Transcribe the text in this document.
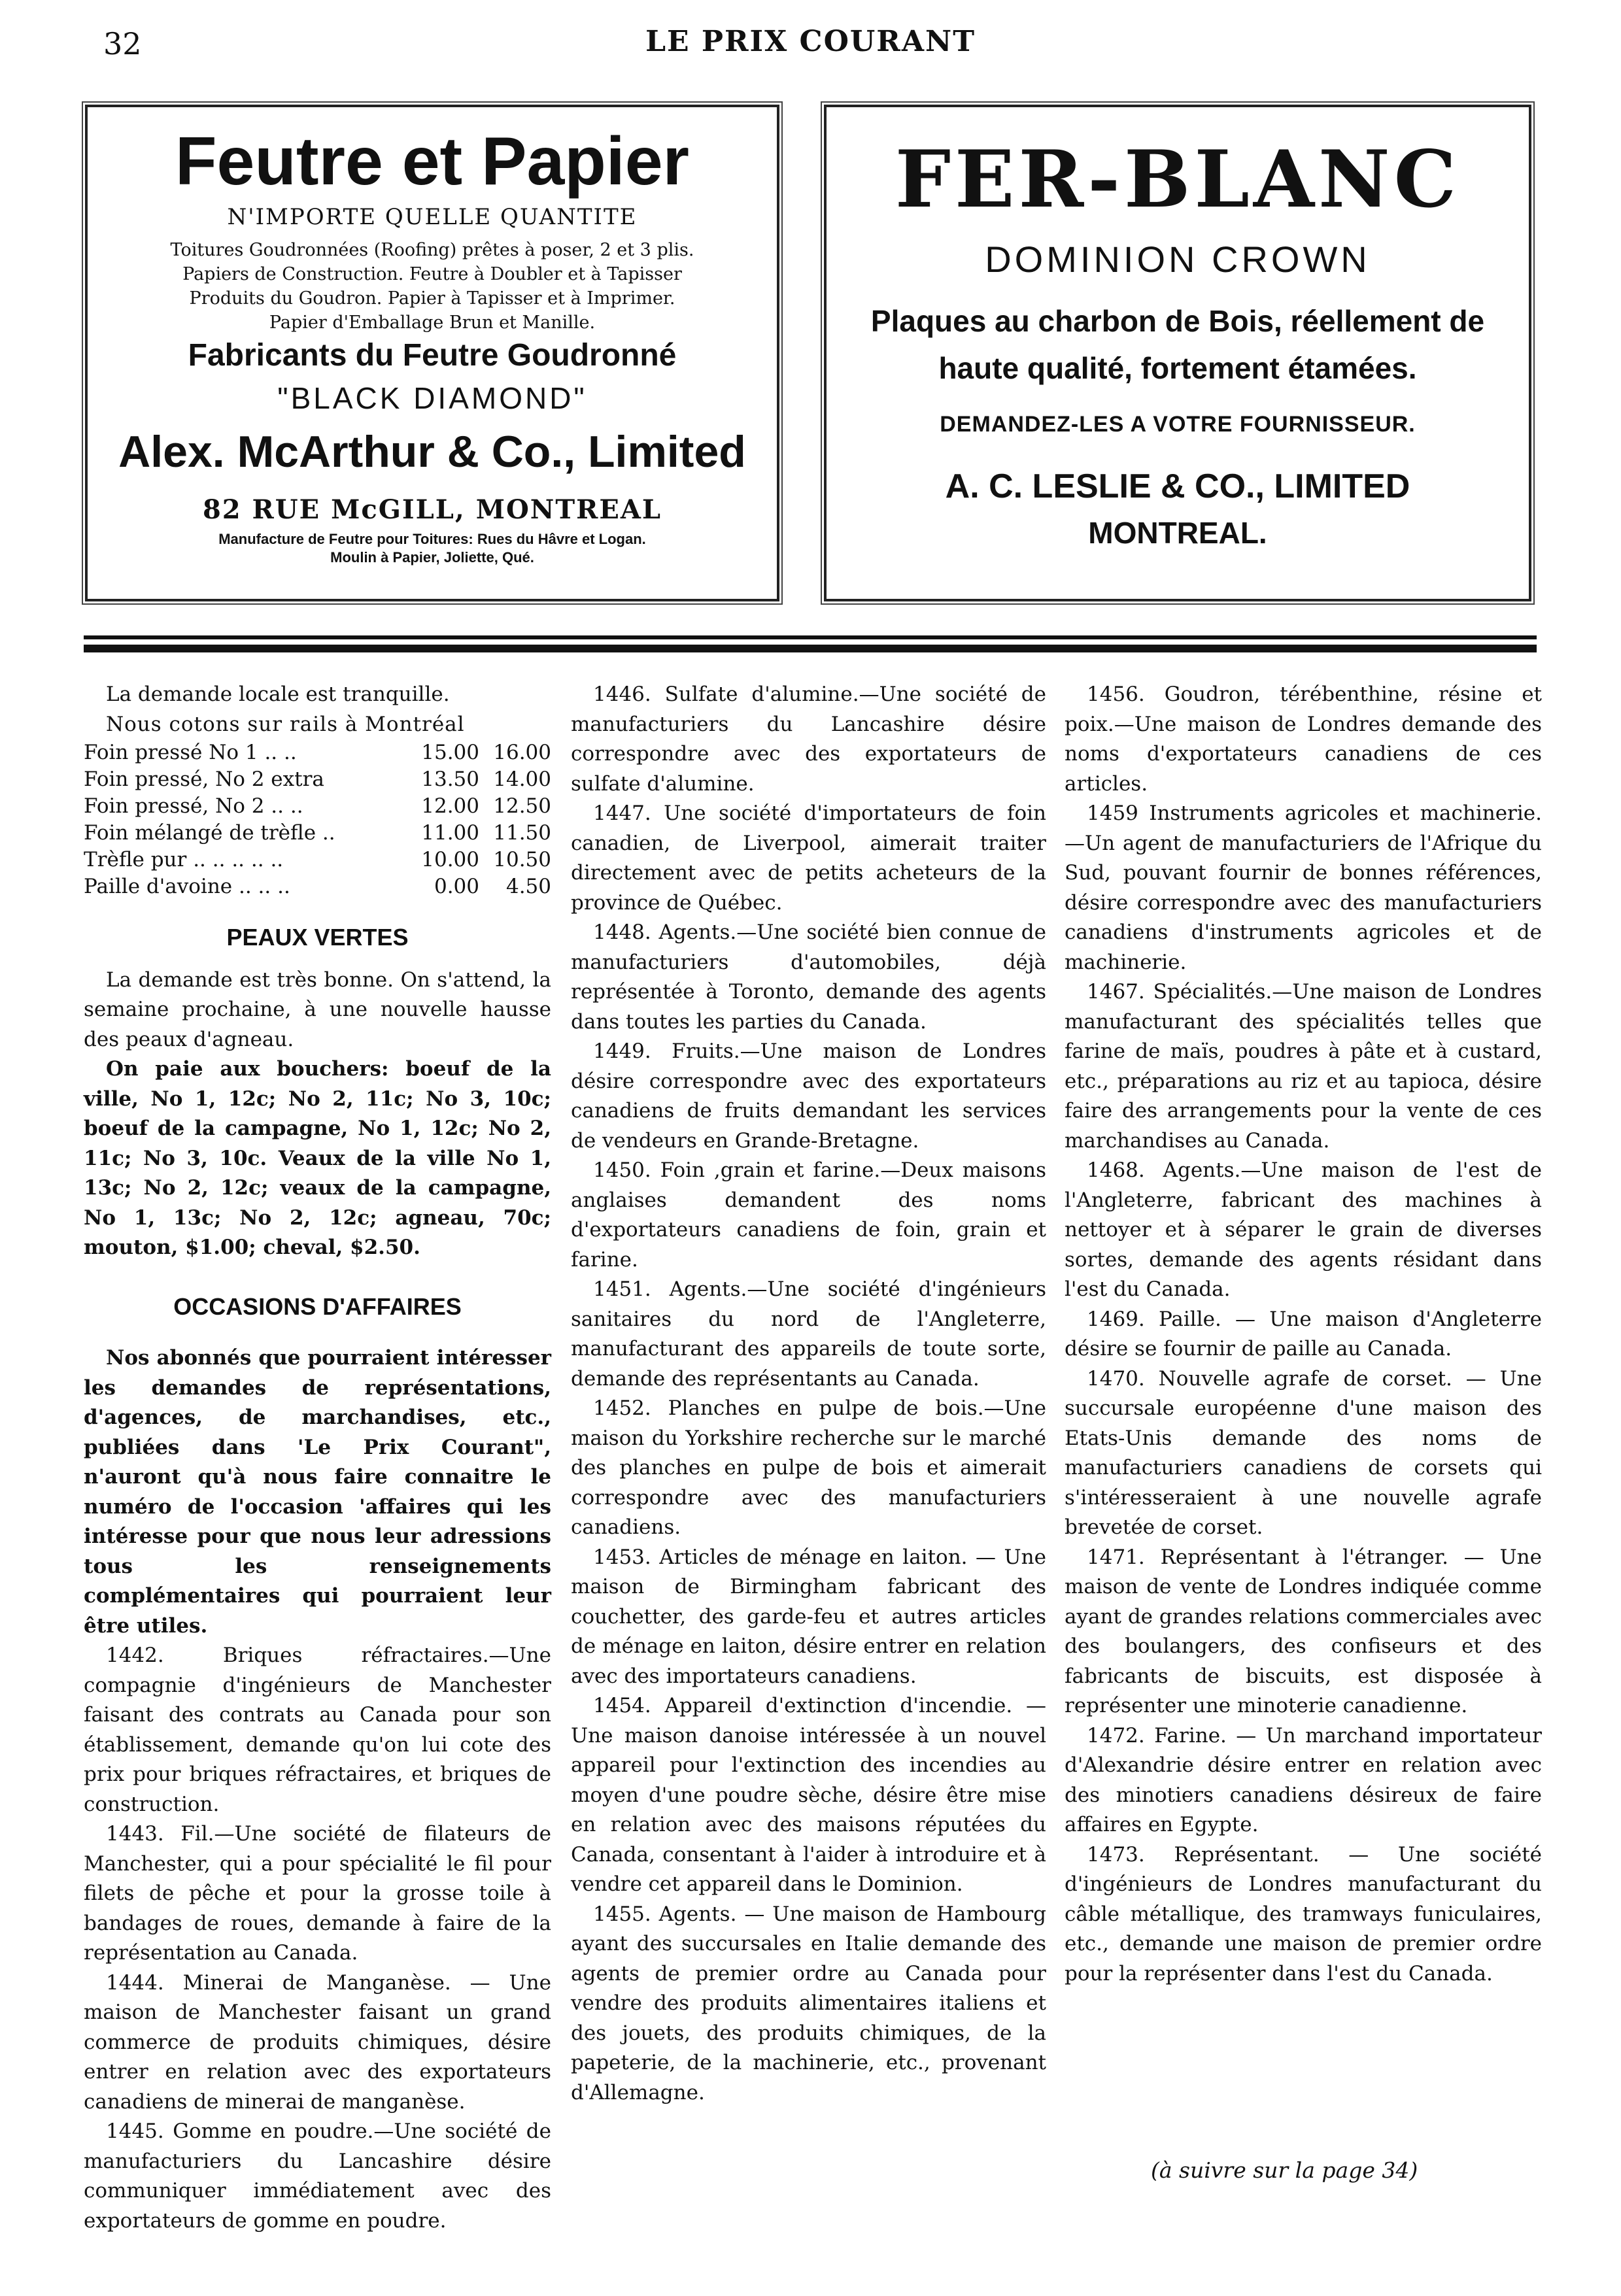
32	LE PRIX COURANT
Feutre et Papier
N'IMPORTE QUELLE QUANTITE
Toitures Goudronnées (Roofing) prêtes à poser, 2 et 3 plis.
Papiers de Construction. Feutre à Doubler et à Tapisser
Produits du Goudron. Papier à Tapisser et à Imprimer.
Papier d'Emballage Brun et Manille.
Fabricants du Feutre Goudronné
"BLACK DIAMOND"
Alex. McArthur & Co., Limited
82 RUE McGILL, MONTREAL
Manufacture de Feutre pour Toitures: Rues du Hâvre et Logan.
Moulin à Papier, Joliette, Qué.
FER-BLANC
DOMINION CROWN
Plaques au charbon de Bois, réellement de
haute qualité, fortement étamées.
DEMANDEZ-LES A VOTRE FOURNISSEUR.
A. C. LESLIE & CO., LIMITED
MONTREAL.

La demande locale est tranquille.

Nous cotons sur rails à Montréal

Foin pressé No 1 .. ..	15.00 16.00
Foin pressé, No 2 extra	13.50 14.00
Foin pressé, No 2 .. ..	12.00 12.50
Foin mélangé de trèfle ..	11.00 11.50
Trèfle pur .. .. .. .. ..	10.00 10.50
Paille d'avoine .. .. ..	0.00	4.50
PEAUX VERTES

La demande est très bonne. On s'attend, la semaine prochaine, à une nouvelle hausse des peaux d'agneau.

On paie aux bouchers: boeuf de la ville, No 1, 12c; No 2, 11c; No 3, 10c; boeuf de la campagne, No 1, 12c; No 2, 11c; No 3, 10c. Veaux de la ville No 1, 13c; No 2, 12c; veaux de la campagne, No 1, 13c; No 2, 12c; agneau, 70c; mouton, $1.00; cheval, $2.50.

OCCASIONS D'AFFAIRES

Nos abonnés que pourraient intéresser les demandes de représentations, d'agences, de marchandises, etc., publiées dans 'Le Prix Courant", n'auront qu'à nous faire connaitre le numéro de l'occasion 'affaires qui les intéresse pour que nous leur adressions tous les renseignements complémentaires qui pourraient leur être utiles.

1442. Briques réfractaires.—Une compagnie d'ingénieurs de Manchester faisant des contrats au Canada pour son établissement, demande qu'on lui cote des prix pour briques réfractaires, et briques de construction.

1443. Fil.—Une société de filateurs de Manchester, qui a pour spécialité le fil pour filets de pêche et pour la grosse toile à bandages de roues, demande à faire de la représentation au Canada.

1444. Minerai de Manganèse. — Une maison de Manchester faisant un grand commerce de produits chimiques, désire entrer en relation avec des exportateurs canadiens de minerai de manganèse.

1445. Gomme en poudre.—Une société de manufacturiers du Lancashire désire communiquer immédiatement avec des exportateurs de gomme en poudre.

1446. Sulfate d'alumine.—Une société de manufacturiers du Lancashire désire correspondre avec des exportateurs de sulfate d'alumine.

1447. Une société d'importateurs de foin canadien, de Liverpool, aimerait traiter directement avec de petits acheteurs de la province de Québec.

1448. Agents.—Une société bien connue de manufacturiers d'automobiles, déjà représentée à Toronto, demande des agents dans toutes les parties du Canada.

1449. Fruits.—Une maison de Londres désire correspondre avec des exportateurs canadiens de fruits demandant les services de vendeurs en Grande-Bretagne.

1450. Foin ,grain et farine.—Deux maisons anglaises demandent des noms d'exportateurs canadiens de foin, grain et farine.

1451. Agents.—Une société d'ingénieurs sanitaires du nord de l'Angleterre, manufacturant des appareils de toute sorte, demande des représentants au Canada.

1452. Planches en pulpe de bois.—Une maison du Yorkshire recherche sur le marché des planches en pulpe de bois et aimerait correspondre avec des manufacturiers canadiens.

1453. Articles de ménage en laiton. — Une maison de Birmingham fabricant des couchetter, des garde-feu et autres articles de ménage en laiton, désire entrer en relation avec des importateurs canadiens.

1454. Appareil d'extinction d'incendie. —Une maison danoise intéressée à un nouvel appareil pour l'extinction des incendies au moyen d'une poudre sèche, désire être mise en relation avec des maisons réputées du Canada, consentant à l'aider à introduire et à vendre cet appareil dans le Dominion.

1455. Agents. — Une maison de Hambourg ayant des succursales en Italie demande des agents de premier ordre au Canada pour vendre des produits alimentaires italiens et des jouets, des produits chimiques, de la papeterie, de la machinerie, etc., provenant d'Allemagne.

1456. Goudron, térébenthine, résine et poix.—Une maison de Londres demande des noms d'exportateurs canadiens de ces articles.

1459 Instruments agricoles et machinerie.—Un agent de manufacturiers de l'Afrique du Sud, pouvant fournir de bonnes références, désire correspondre avec des manufacturiers canadiens d'instruments agricoles et de machinerie.

1467. Spécialités.—Une maison de Londres manufacturant des spécialités telles que farine de maïs, poudres à pâte et à custard, etc., préparations au riz et au tapioca, désire faire des arrangements pour la vente de ces marchandises au Canada.

1468. Agents.—Une maison de l'est de l'Angleterre, fabricant des machines à nettoyer et à séparer le grain de diverses sortes, demande des agents résidant dans l'est du Canada.

1469. Paille. — Une maison d'Angleterre désire se fournir de paille au Canada.

1470. Nouvelle agrafe de corset. — Une succursale européenne d'une maison des Etats-Unis demande des noms de manufacturiers canadiens de corsets qui s'intéresseraient à une nouvelle agrafe brevetée de corset.

1471. Représentant à l'étranger. — Une maison de vente de Londres indiquée comme ayant de grandes relations commerciales avec des boulangers, des confiseurs et des fabricants de biscuits, est disposée à représenter une minoterie canadienne.

1472. Farine. — Un marchand importateur d'Alexandrie désire entrer en relation avec des minotiers canadiens désireux de faire affaires en Egypte.

1473. Représentant. — Une société d'ingénieurs de Londres manufacturant du câble métallique, des tramways funiculaires, etc., demande une maison de premier ordre pour la représenter dans l'est du Canada.

(à suivre sur la page 34)
